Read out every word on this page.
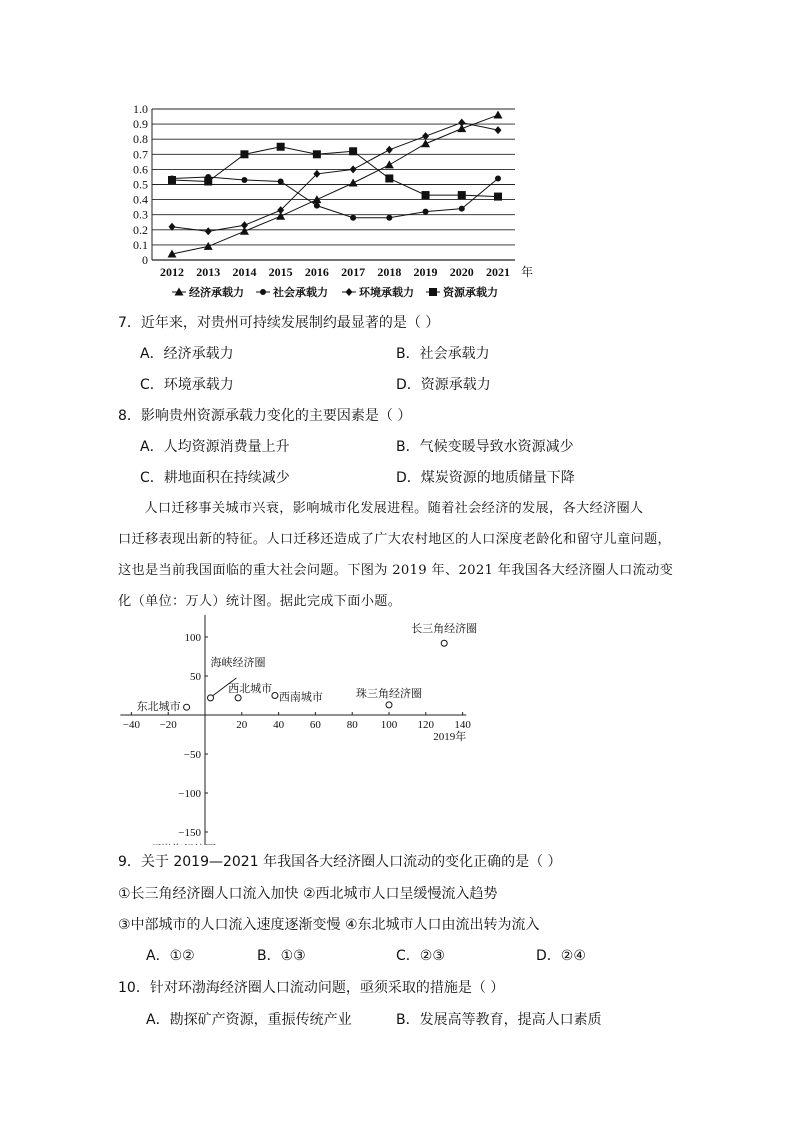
0
0.1
0.2
0.3
0.4
0.5
0.6
0.7
0.8
0.9
1.0
2012 2013 2014 2015 2016 2017 2018 2019 2020 2021 年
经济承载力	社会承载力	环境承载力	资源承载力
7．近年来，对贵州可持续发展制约最显著的是（ ）
A．经济承载力	B．社会承载力
C．环境承载力	D．资源承载力
8．影响贵州资源承载力变化的主要因素是（ ）
A．人均资源消费量上升	B．气候变暖导致水资源减少
C．耕地面积在持续减少	D．煤炭资源的地质储量下降
人口迁移事关城市兴衰，影响城市化发展进程。随着社会经济的发展，各大经济圈人
口迁移表现出新的特征。人口迁移还造成了广大农村地区的人口深度老龄化和留守儿童问题，
这也是当前我国面临的重大社会问题。下图为 2019 年、2021 年我国各大经济圈人口流动变
化（单位：万人）统计图。据此完成下面小题。
−40 −20	20 40 60 80 100 120 140
100
50
−50
−100
−150
2019年
长三角经济圈
海峡经济圈
西北城市
西南城市
东北城市
珠三角经济圈
9．关于 2019—2021 年我国各大经济圈人口流动的变化正确的是（ ）
①长三角经济圈人口流入加快 ②西北城市人口呈缓慢流入趋势
③中部城市的人口流入速度逐渐变慢 ④东北城市人口由流出转为流入
A．①②	B．①③	C．②③	D．②④
10．针对环渤海经济圈人口流动问题，亟须采取的措施是（ ）
A．勘探矿产资源，重振传统产业	B．发展高等教育，提高人口素质
